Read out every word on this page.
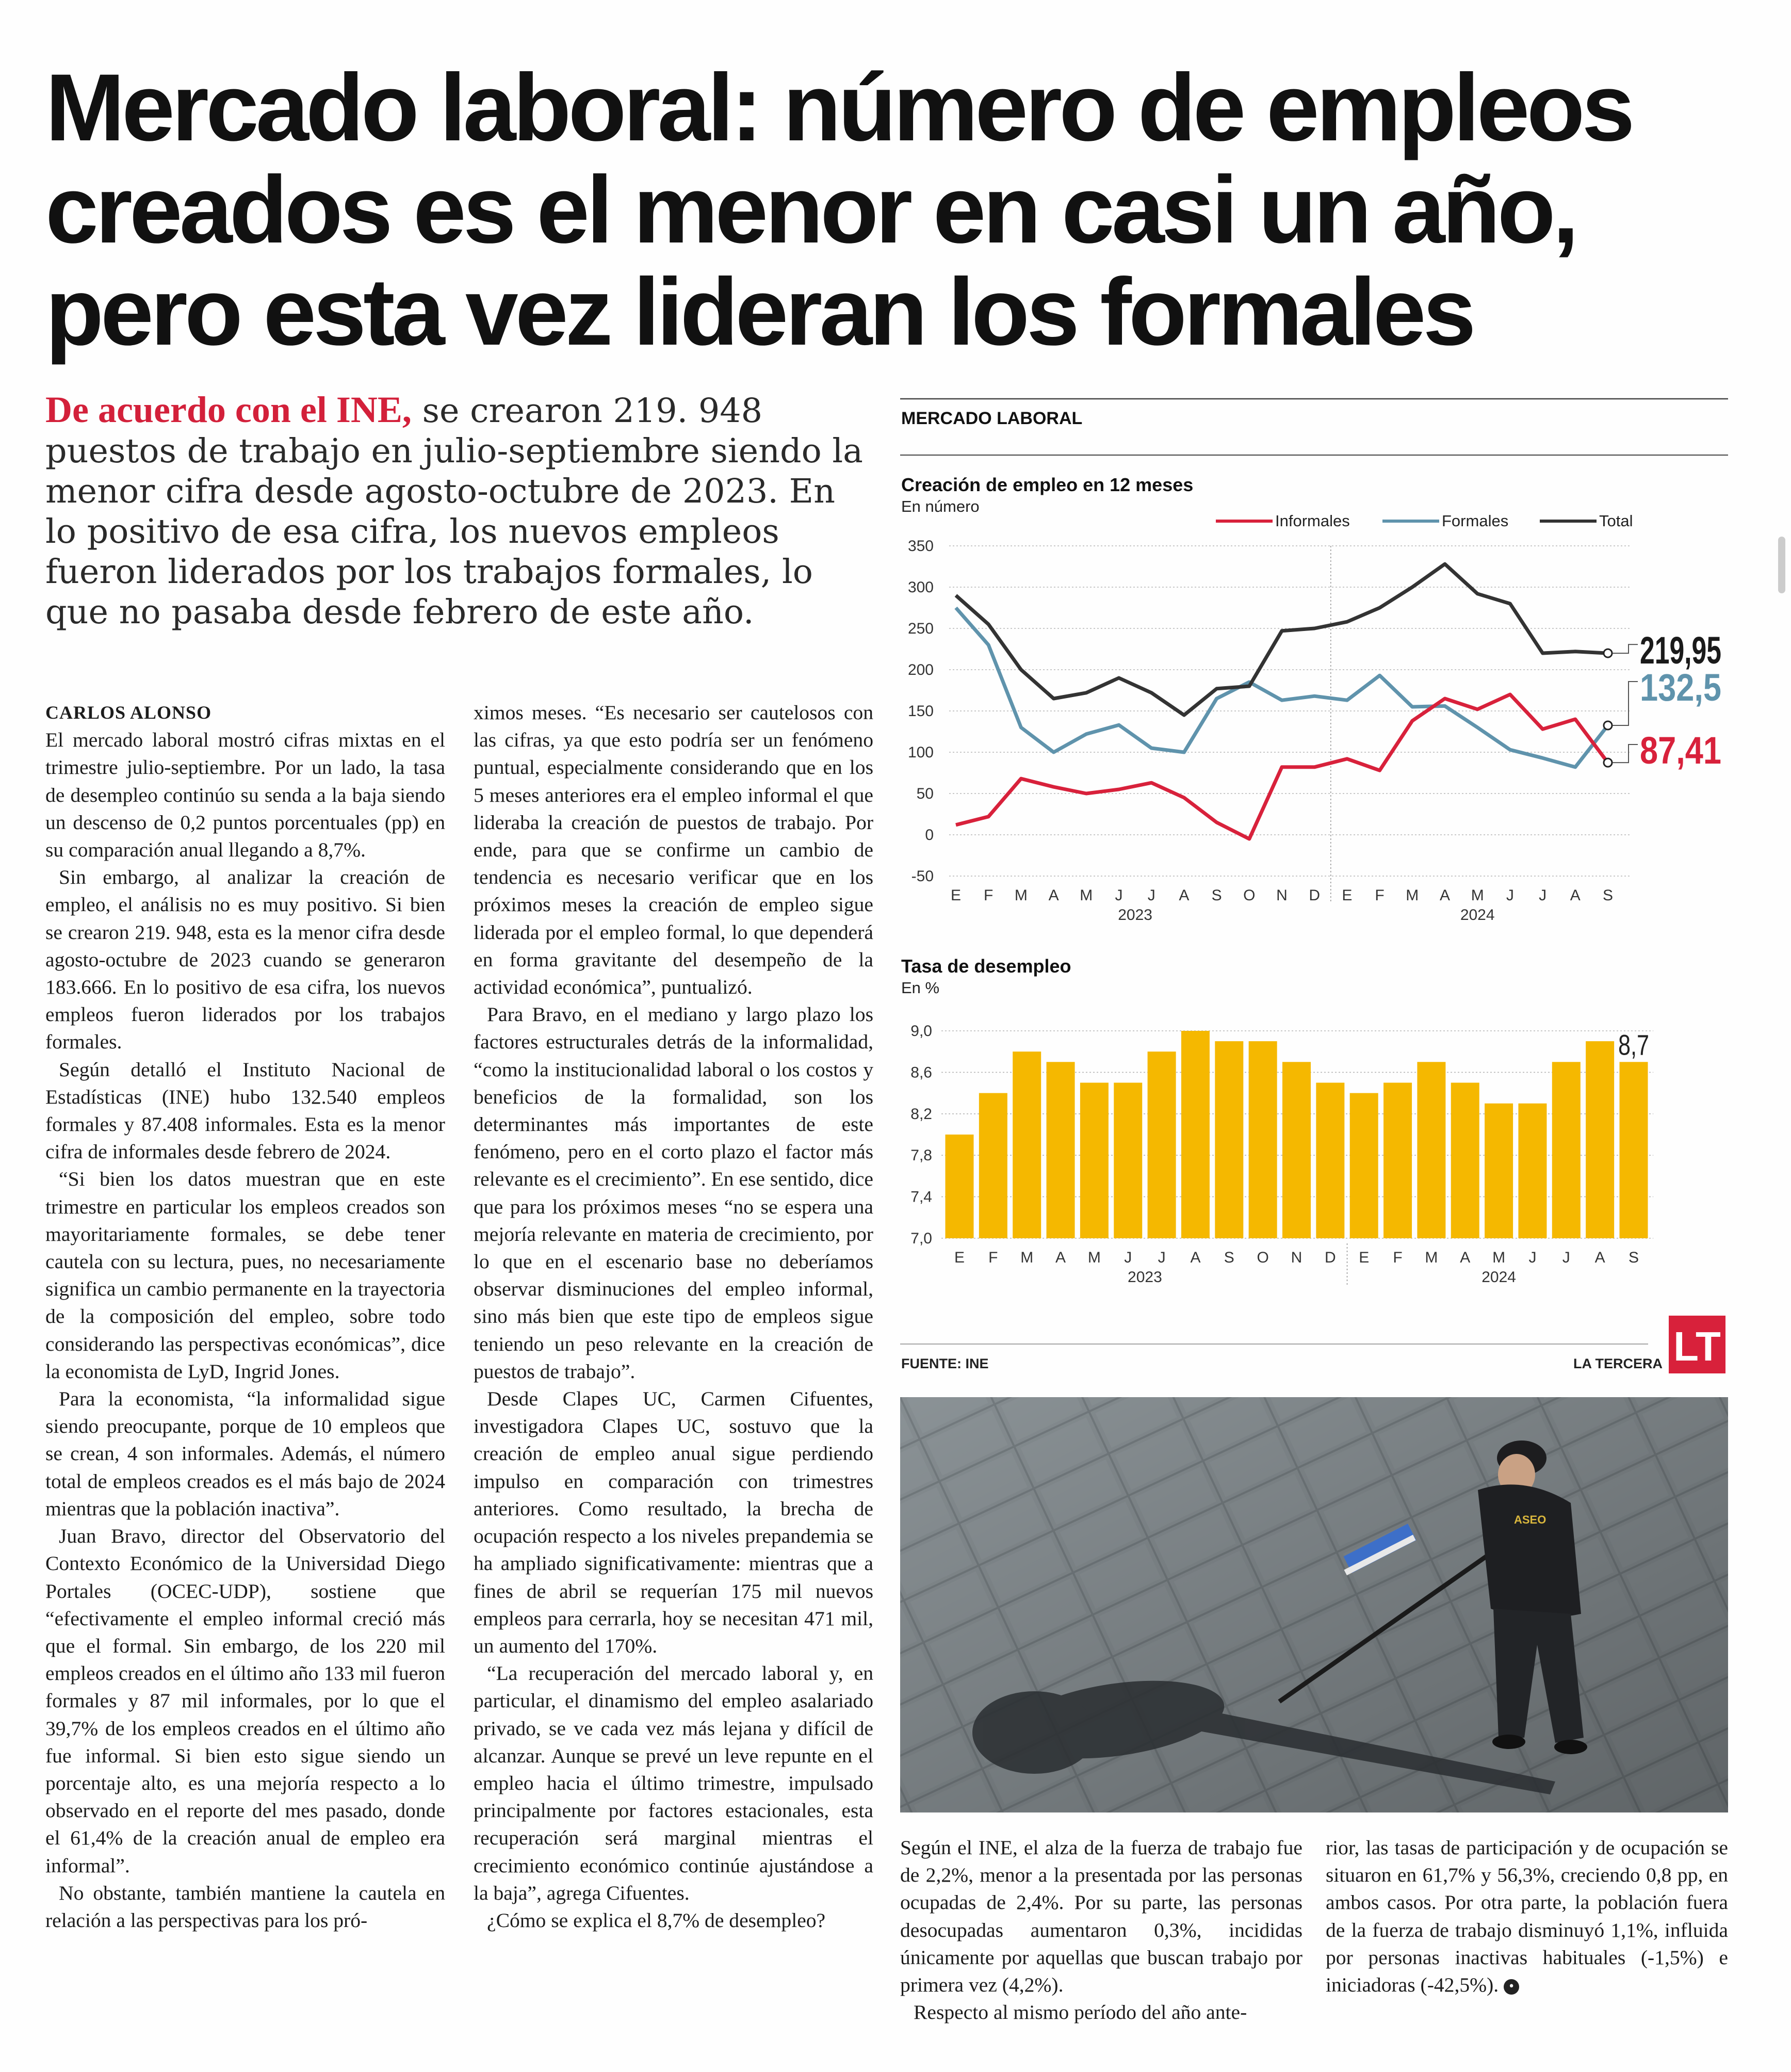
Mercado laboral: número de empleos creados es el menor en casi un año, pero esta vez lideran los formales

De acuerdo con el INE, se crearon 219. 948 puestos de trabajo en julio-septiembre siendo la menor cifra desde agosto-octubre de 2023. En lo positivo de esa cifra, los nuevos empleos fueron liderados por los trabajos formales, lo que no pasaba desde febrero de este año.

CARLOS ALONSO

El mercado laboral mostró cifras mixtas en el trimestre julio-septiembre. Por un lado, la tasa de desempleo continúo su senda a la baja siendo un descenso de 0,2 puntos porcentuales (pp) en su comparación anual llegando a 8,7%.

Sin embargo, al analizar la creación de empleo, el análisis no es muy positivo. Si bien se crearon 219. 948, esta es la menor cifra desde agosto-octubre de 2023 cuando se generaron 183.666. En lo positivo de esa cifra, los nuevos empleos fueron liderados por los trabajos formales.

Según detalló el Instituto Nacional de Estadísticas (INE) hubo 132.540 empleos formales y 87.408 informales. Esta es la menor cifra de informales desde febrero de 2024.

“Si bien los datos muestran que en este trimestre en particular los empleos creados son mayoritariamente formales, se debe tener cautela con su lectura, pues, no necesariamente significa un cambio permanente en la trayectoria de la composición del empleo, sobre todo considerando las perspectivas económicas”, dice la economista de LyD, Ingrid Jones.

Para la economista, “la informalidad sigue siendo preocupante, porque de 10 empleos que se crean, 4 son informales. Además, el número total de empleos creados es el más bajo de 2024 mientras que la población inactiva”.

Juan Bravo, director del Observatorio del Contexto Económico de la Universidad Diego Portales (OCEC-UDP), sostiene que “efectivamente el empleo informal creció más que el formal. Sin embargo, de los 220 mil empleos creados en el último año 133 mil fueron formales y 87 mil informales, por lo que el 39,7% de los empleos creados en el último año fue informal. Si bien esto sigue siendo un porcentaje alto, es una mejoría respecto a lo observado en el reporte del mes pasado, donde el 61,4% de la creación anual de empleo era informal”.

No obstante, también mantiene la cautela en relación a las perspectivas para los pró-

ximos meses. “Es necesario ser cautelosos con las cifras, ya que esto podría ser un fenómeno puntual, especialmente considerando que en los 5 meses anteriores era el empleo informal el que lideraba la creación de puestos de trabajo. Por ende, para que se confirme un cambio de tendencia es necesario verificar que en los próximos meses la creación de empleo sigue liderada por el empleo formal, lo que dependerá en forma gravitante del desempeño de la actividad económica”, puntualizó.

Para Bravo, en el mediano y largo plazo los factores estructurales detrás de la informalidad, “como la institucionalidad laboral o los costos y beneficios de la formalidad, son los determinantes más importantes de este fenómeno, pero en el corto plazo el factor más relevante es el crecimiento”. En ese sentido, dice que para los próximos meses “no se espera una mejoría relevante en materia de crecimiento, por lo que en el escenario base no deberíamos observar disminuciones del empleo informal, sino más bien que este tipo de empleos sigue teniendo un peso relevante en la creación de puestos de trabajo”.

Desde Clapes UC, Carmen Cifuentes, investigadora Clapes UC, sostuvo que la creación de empleo anual sigue perdiendo impulso en comparación con trimestres anteriores. Como resultado, la brecha de ocupación respecto a los niveles prepandemia se ha ampliado significativamente: mientras que a fines de abril se requerían 175 mil nuevos empleos para cerrarla, hoy se necesitan 471 mil, un aumento del 170%.

“La recuperación del mercado laboral y, en particular, el dinamismo del empleo asalariado privado, se ve cada vez más lejana y difícil de alcanzar. Aunque se prevé un leve repunte en el empleo hacia el último trimestre, impulsado principalmente por factores estacionales, esta recuperación será marginal mientras el crecimiento económico continúe ajustándose a la baja”, agrega Cifuentes.

¿Cómo se explica el 8,7% de desempleo?

MERCADO LABORAL
Creación de empleo en 12 meses
En número
-50
0
50
100
150
200
250
300
350
Informales	Formales	Total
E F M A M J J A S O N D E F M A M J J A S
2023	2024
219,95
132,5
87,41
Tasa de desempleo
En %
7,0
7,4
7,8
8,2
8,6
9,0	8,7
E F M A M J J A S O N D E F M A M J J A S
2023	2024
FUENTE: INE	LA TERCERA LT
ASEO

Según el INE, el alza de la fuerza de trabajo fue de 2,2%, menor a la presentada por las personas ocupadas de 2,4%. Por su parte, las personas desocupadas aumentaron 0,3%, incididas únicamente por aquellas que buscan trabajo por primera vez (4,2%).

Respecto al mismo período del año ante-

rior, las tasas de participación y de ocupación se situaron en 61,7% y 56,3%, creciendo 0,8 pp, en ambos casos. Por otra parte, la población fuera de la fuerza de trabajo disminuyó 1,1%, influida por personas inactivas habituales (-1,5%) e iniciadoras (-42,5%). •
